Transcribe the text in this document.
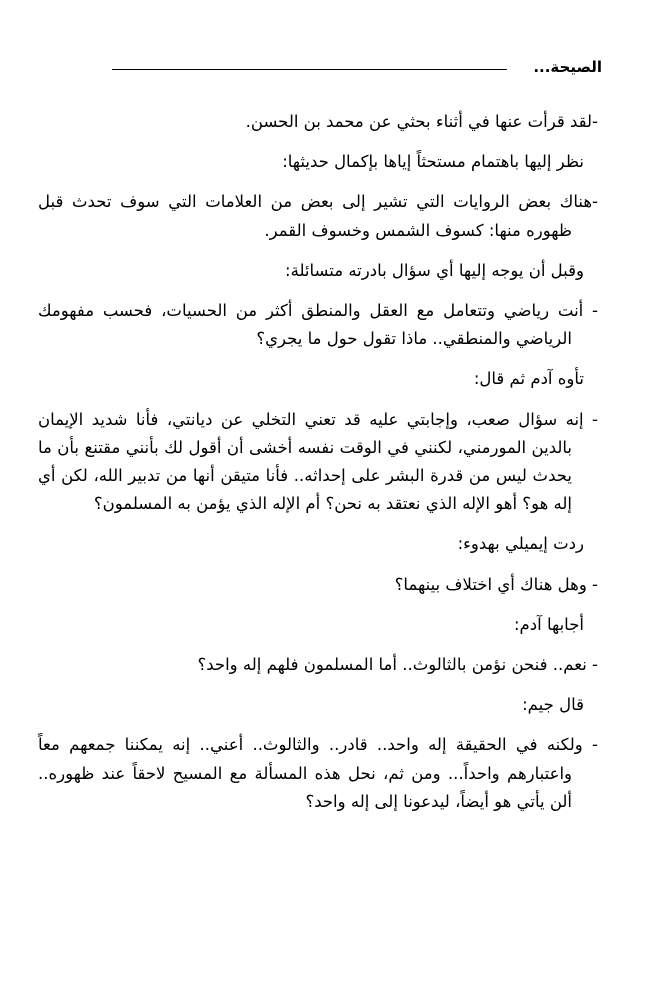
الصيحة...

-لقد قرأت عنها في أثناء بحثي عن محمد بن الحسن.

نظر إليها باهتمام مستحثاً إياها بإكمال حديثها:

-هناك بعض الروايات التي تشير إلى بعض من العلامات التي سوف تحدث قبل ظهوره منها: كسوف الشمس وخسوف القمر.

وقبل أن يوجه إليها أي سؤال بادرته متسائلة:

- أنت رياضي وتتعامل مع العقل والمنطق أكثر من الحسيات، فحسب مفهومك الرياضي والمنطقي.. ماذا تقول حول ما يجري؟

تأوه آدم ثم قال:

- إنه سؤال صعب، وإجابتي عليه قد تعني التخلي عن ديانتي، فأنا شديد الإيمان بالدين المورمني، لكنني في الوقت نفسه أخشى أن أقول لك بأنني مقتنع بأن ما يحدث ليس من قدرة البشر على إحداثه.. فأنا متيقن أنها من تدبير الله، لكن أي إله هو؟ أهو الإله الذي نعتقد به نحن؟ أم الإله الذي يؤمن به المسلمون؟

ردت إيميلي بهدوء:

- وهل هناك أي اختلاف بينهما؟

أجابها آدم:

- نعم.. فنحن نؤمن بالثالوث.. أما المسلمون فلهم إله واحد؟

قال جيم:

- ولكنه في الحقيقة إله واحد.. قادر.. والثالوث.. أعني.. إنه يمكننا جمعهم معاً واعتبارهم واحداً... ومن ثم، نحل هذه المسألة مع المسيح لاحقاً عند ظهوره.. ألن يأتي هو أيضاً، ليدعونا إلى إله واحد؟
